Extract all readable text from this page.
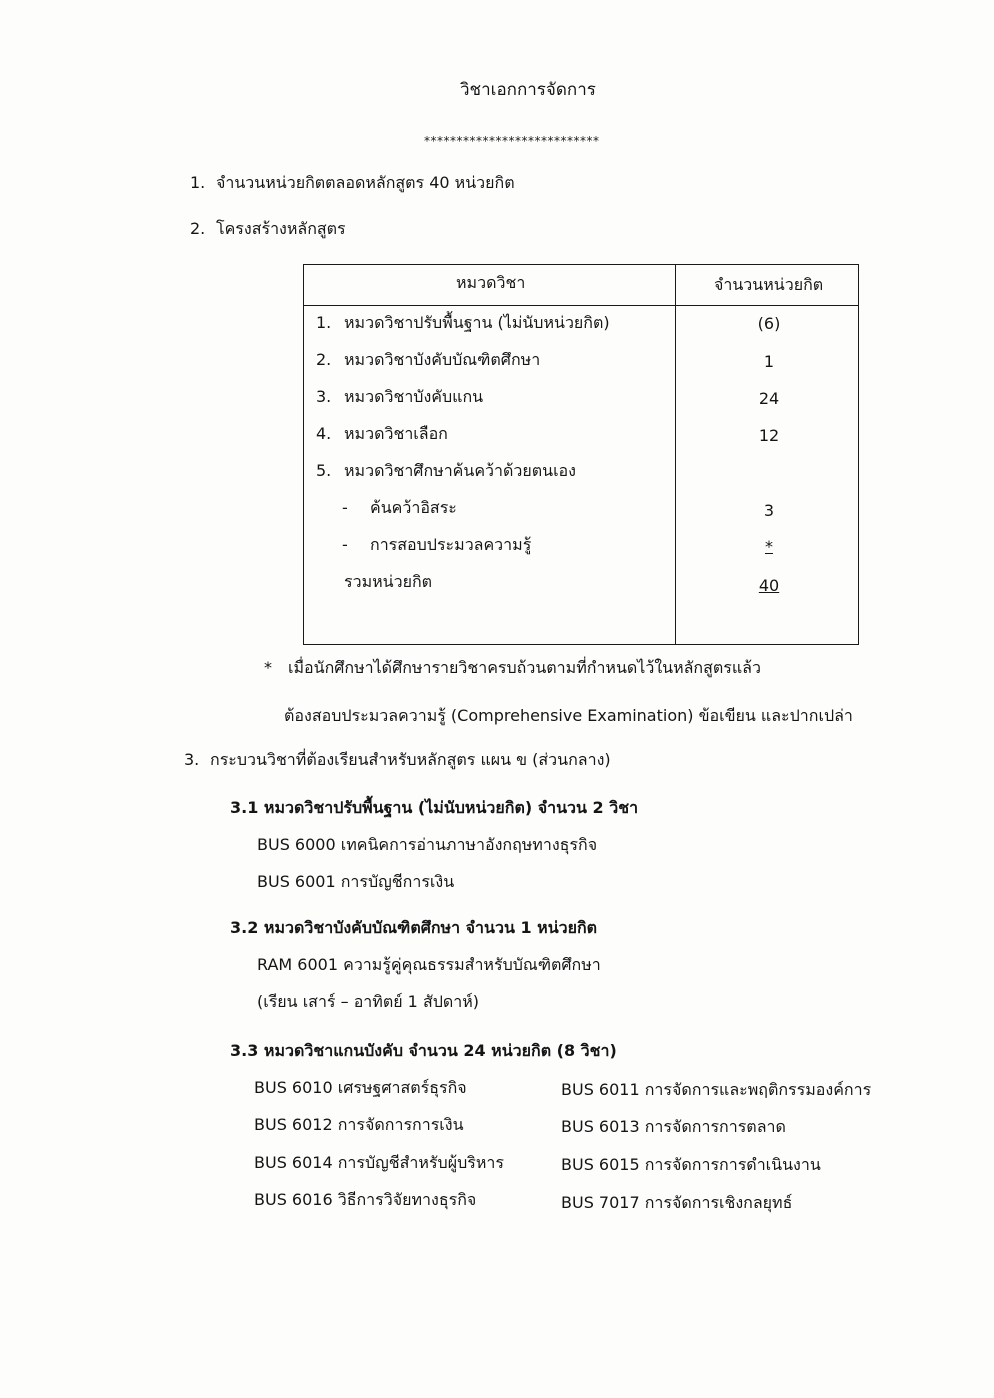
วิชาเอกการจัดการ
***************************
1. จำนวนหน่วยกิตตลอดหลักสูตร 40 หน่วยกิต
2. โครงสร้างหลักสูตร
หมวดวิชา	จำนวนหน่วยกิต
1. หมวดวิชาปรับพื้นฐาน (ไม่นับหน่วยกิต)	(6)
2. หมวดวิชาบังคับบัณฑิตศึกษา	1
3. หมวดวิชาบังคับแกน	24
4. หมวดวิชาเลือก	12
5. หมวดวิชาศึกษาค้นคว้าด้วยตนเอง
- ค้นคว้าอิสระ	3
- การสอบประมวลความรู้	*
รวมหน่วยกิต	40
* เมื่อนักศึกษาได้ศึกษารายวิชาครบถ้วนตามที่กำหนดไว้ในหลักสูตรแล้ว
ต้องสอบประมวลความรู้ (Comprehensive Examination) ข้อเขียน และปากเปล่า
3. กระบวนวิชาที่ต้องเรียนสำหรับหลักสูตร แผน ข (ส่วนกลาง)
3.1 หมวดวิชาปรับพื้นฐาน (ไม่นับหน่วยกิต) จำนวน 2 วิชา
BUS 6000 เทคนิคการอ่านภาษาอังกฤษทางธุรกิจ
BUS 6001 การบัญชีการเงิน
3.2 หมวดวิชาบังคับบัณฑิตศึกษา จำนวน 1 หน่วยกิต
RAM 6001 ความรู้คู่คุณธรรมสำหรับบัณฑิตศึกษา
(เรียน เสาร์ – อาทิตย์ 1 สัปดาห์)
3.3 หมวดวิชาแกนบังคับ จำนวน 24 หน่วยกิต (8 วิชา)
BUS 6010 เศรษฐศาสตร์ธุรกิจ
BUS 6012 การจัดการการเงิน
BUS 6014 การบัญชีสำหรับผู้บริหาร
BUS 6016 วิธีการวิจัยทางธุรกิจ
BUS 6011 การจัดการและพฤติกรรมองค์การ
BUS 6013 การจัดการการตลาด
BUS 6015 การจัดการการดำเนินงาน
BUS 7017 การจัดการเชิงกลยุทธ์
